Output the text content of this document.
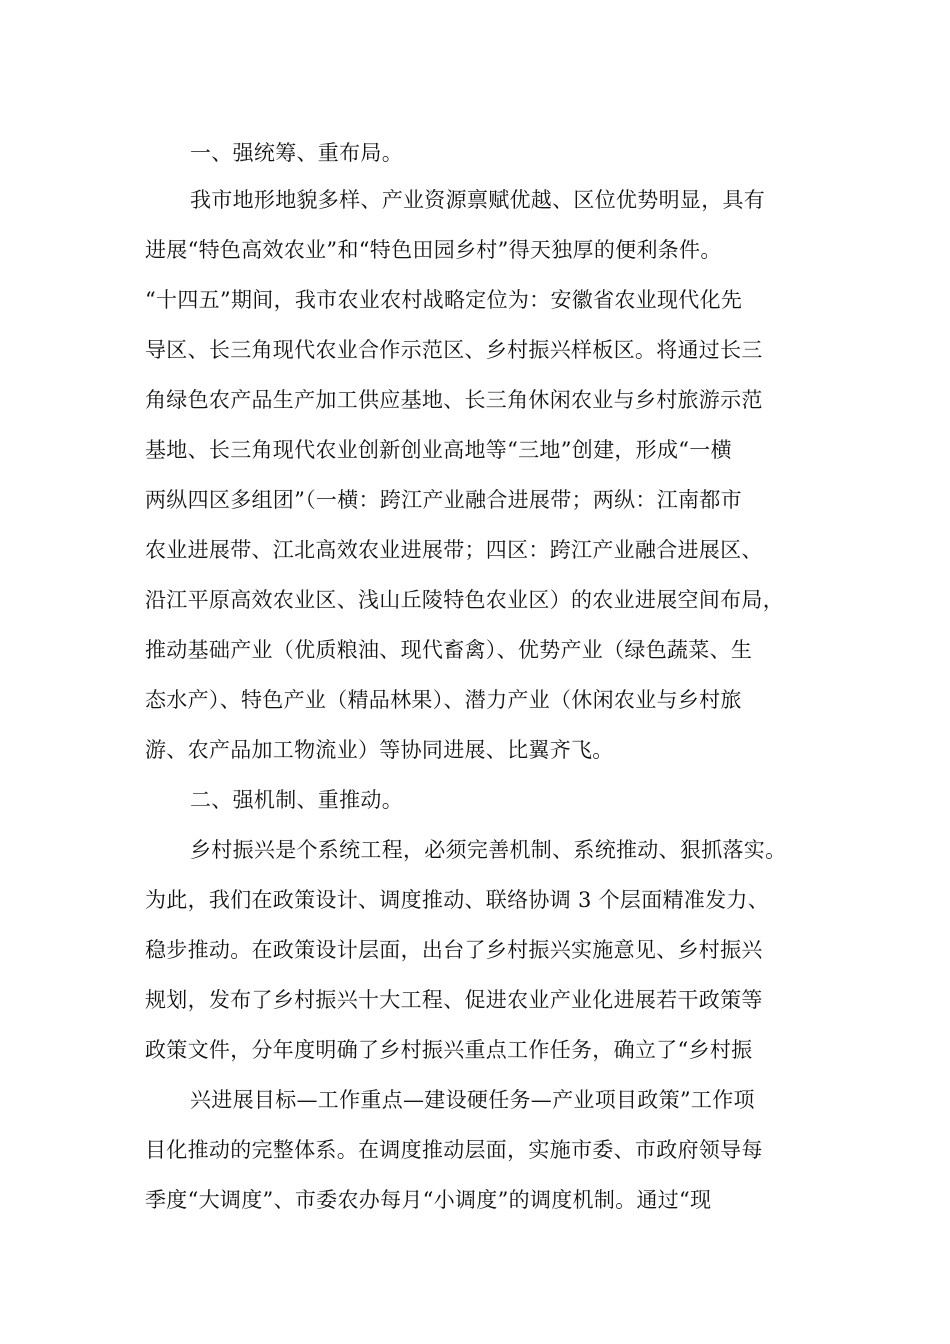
一、强统筹、重布局。
我市地形地貌多样、产业资源禀赋优越、区位优势明显，具有
进展“特色高效农业”和“特色田园乡村”得天独厚的便利条件。
“十四五”期间，我市农业农村战略定位为：安徽省农业现代化先
导区、长三角现代农业合作示范区、乡村振兴样板区。将通过长三
角绿色农产品生产加工供应基地、长三角休闲农业与乡村旅游示范
基地、长三角现代农业创新创业高地等“三地”创建，形成“一横
两纵四区多组团”（一横：跨江产业融合进展带；两纵：江南都市
农业进展带、江北高效农业进展带；四区：跨江产业融合进展区、
沿江平原高效农业区、浅山丘陵特色农业区）的农业进展空间布局，
推动基础产业（优质粮油、现代畜禽）、优势产业（绿色蔬菜、生
态水产）、特色产业（精品林果）、潜力产业（休闲农业与乡村旅
游、农产品加工物流业）等协同进展、比翼齐飞。
二、强机制、重推动。
乡村振兴是个系统工程，必须完善机制、系统推动、狠抓落实。
为此，我们在政策设计、调度推动、联络协调 3 个层面精准发力、
稳步推动。在政策设计层面，出台了乡村振兴实施意见、乡村振兴
规划，发布了乡村振兴十大工程、促进农业产业化进展若干政策等
政策文件，分年度明确了乡村振兴重点工作任务，确立了“乡村振
兴进展目标—工作重点—建设硬任务—产业项目政策”工作项
目化推动的完整体系。在调度推动层面，实施市委、市政府领导每
季度“大调度”、市委农办每月“小调度”的调度机制。通过“现
